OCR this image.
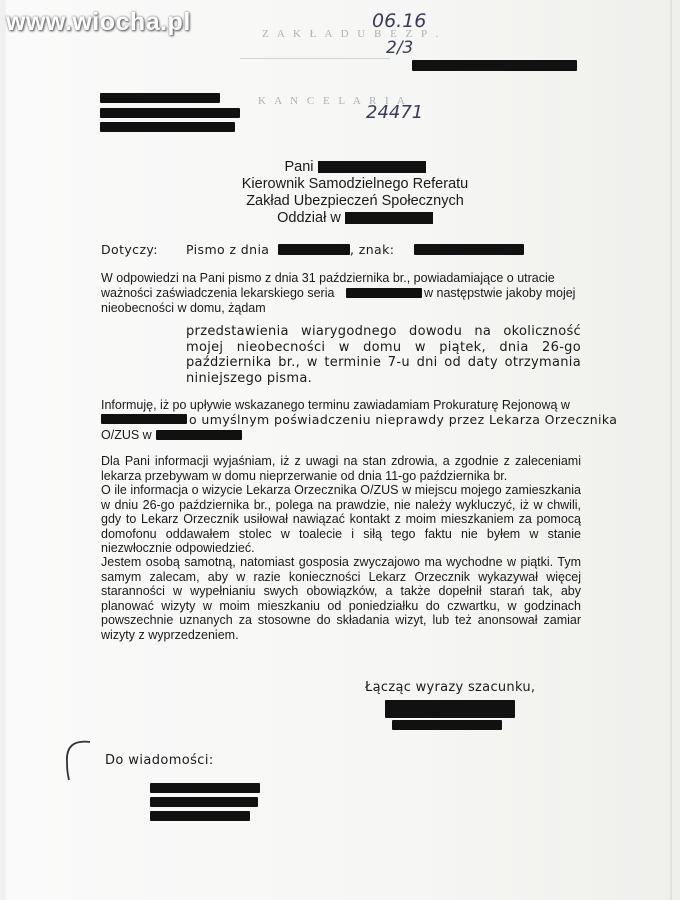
www.wiocha.pl	Z A K Ł A D U B E Z P .
K A N C E L A R I A
06.16
2/3
24471
Pani
Kierownik Samodzielnego Referatu
Zakład Ubezpieczeń Społecznych
Oddział w
Dotyczy: Pismo z dnia	, znak:
W odpowiedzi na Pani pismo z dnia 31 października br., powiadamiające o utracie
ważności zaświadczenia lekarskiego seria	w następstwie jakoby mojej
nieobecności w domu, żądam
przedstawienia wiarygodnego dowodu na okoliczność mojej nieobecności w domu w piątek, dnia 26-go października br., w terminie 7-u dni od daty otrzymania niniejszego pisma.
Informuję, iż po upływie wskazanego terminu zawiadamiam Prokuraturę Rejonową w
o umyślnym poświadczeniu nieprawdy przez Lekarza Orzecznika
O/ZUS w
Dla Pani informacji wyjaśniam, iż z uwagi na stan zdrowia, a zgodnie z zaleceniami lekarza przebywam w domu nieprzerwanie od dnia 11-go października br.
O ile informacja o wizycie Lekarza Orzecznika O/ZUS w miejscu mojego zamieszkania w dniu 26-go października br., polega na prawdzie, nie należy wykluczyć, iż w chwili, gdy to Lekarz Orzecznik usiłował nawiązać kontakt z moim mieszkaniem za pomocą domofonu oddawałem stolec w toalecie i siłą tego faktu nie byłem w stanie niezwłocznie odpowiedzieć.
Jestem osobą samotną, natomiast gosposia zwyczajowo ma wychodne w piątki. Tym samym zalecam, aby w razie konieczności Lekarz Orzecznik wykazywał więcej staranności w wypełnianiu swych obowiązków, a także dopełnił starań tak, aby planować wizyty w moim mieszkaniu od poniedziałku do czwartku, w godzinach powszechnie uznanych za stosowne do składania wizyt, lub też anonsował zamiar wizyty z wyprzedzeniem.
Łącząc wyrazy szacunku,
Do wiadomości:
